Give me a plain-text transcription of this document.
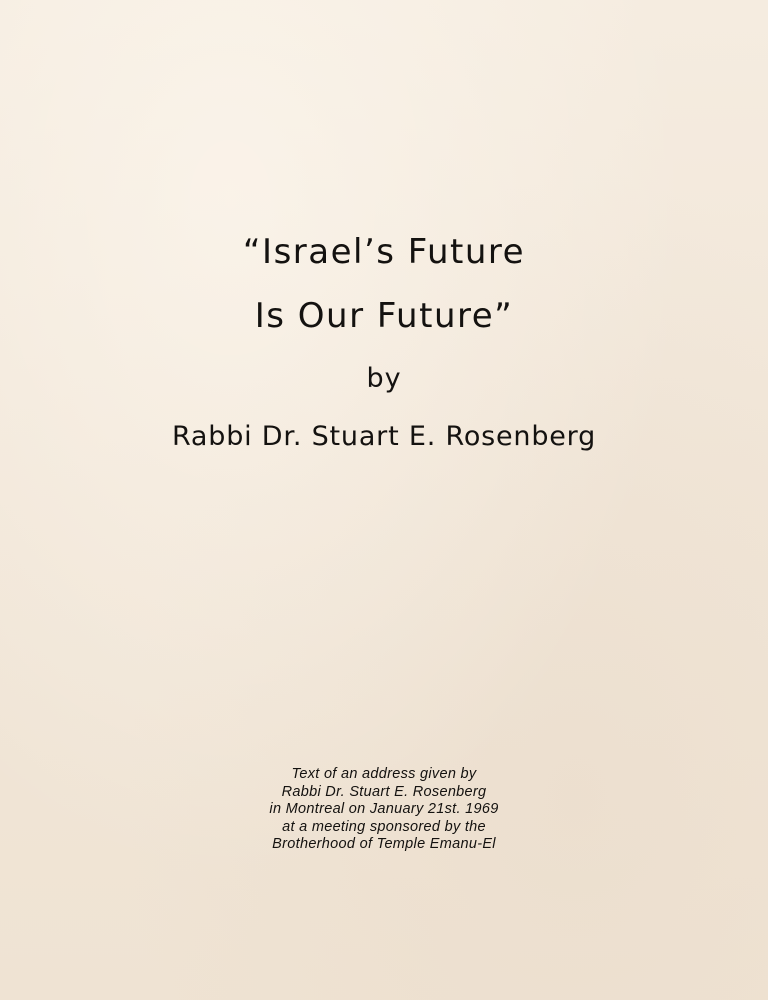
“Israel’s Future
Is Our Future”
by
Rabbi Dr. Stuart E. Rosenberg
Text of an address given by
Rabbi Dr. Stuart E. Rosenberg
in Montreal on January 21st. 1969
at a meeting sponsored by the
Brotherhood of Temple Emanu-El
